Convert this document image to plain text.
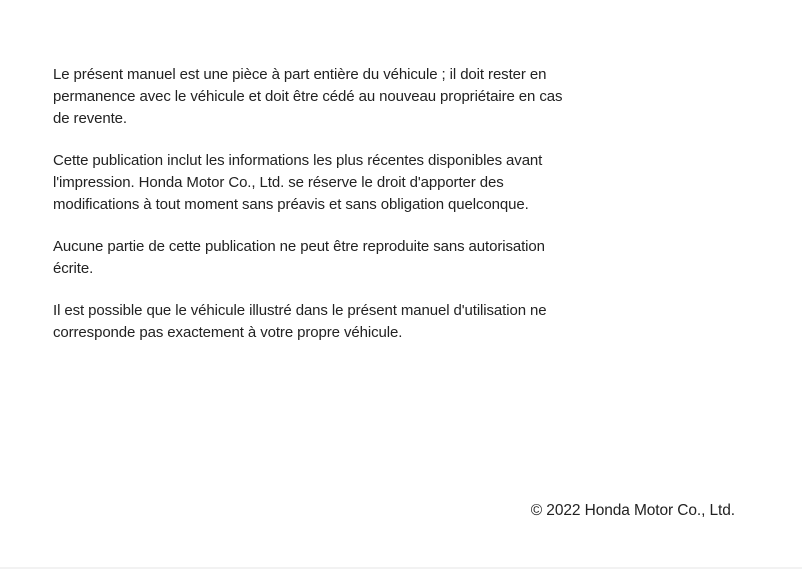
Le présent manuel est une pièce à part entière du véhicule ; il doit rester en
permanence avec le véhicule et doit être cédé au nouveau propriétaire en cas
de revente.

Cette publication inclut les informations les plus récentes disponibles avant
l'impression. Honda Motor Co., Ltd. se réserve le droit d'apporter des
modifications à tout moment sans préavis et sans obligation quelconque.

Aucune partie de cette publication ne peut être reproduite sans autorisation
écrite.

Il est possible que le véhicule illustré dans le présent manuel d'utilisation ne
corresponde pas exactement à votre propre véhicule.

© 2022 Honda Motor Co., Ltd.
